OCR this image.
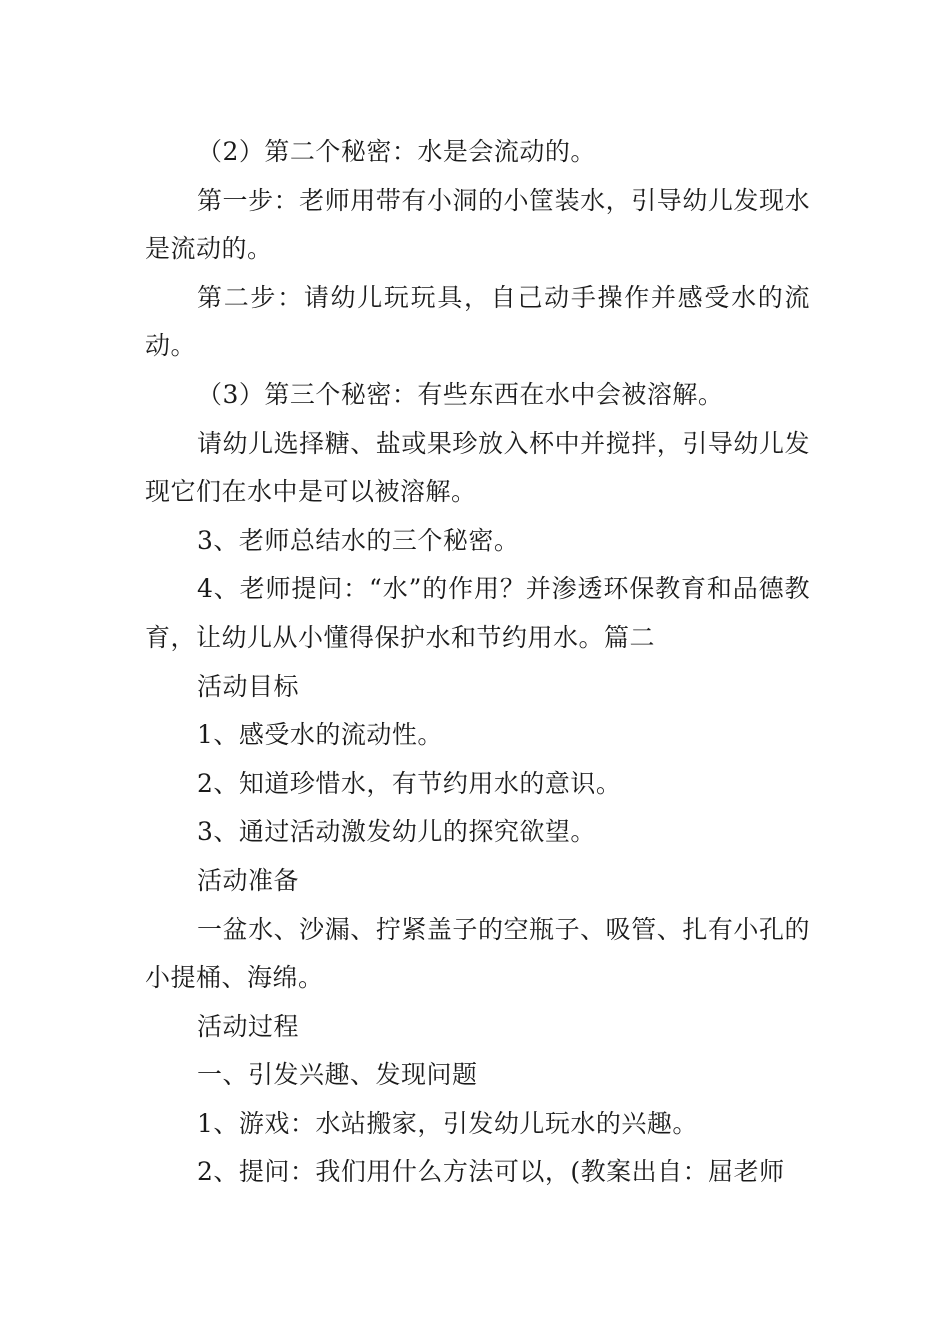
（2）第二个秘密：水是会流动的。

第一步：老师用带有小洞的小筐装水，引导幼儿发现水是流动的。

第二步：请幼儿玩玩具，自己动手操作并感受水的流动。

（3）第三个秘密：有些东西在水中会被溶解。

请幼儿选择糖、盐或果珍放入杯中并搅拌，引导幼儿发现它们在水中是可以被溶解。

3、老师总结水的三个秘密。

4、老师提问：“水”的作用？并渗透环保教育和品德教育，让幼儿从小懂得保护水和节约用水。篇二

活动目标

1、感受水的流动性。

2、知道珍惜水，有节约用水的意识。

3、通过活动激发幼儿的探究欲望。

活动准备

一盆水、沙漏、拧紧盖子的空瓶子、吸管、扎有小孔的小提桶、海绵。

活动过程

一、引发兴趣、发现问题

1、游戏：水站搬家，引发幼儿玩水的兴趣。

2、提问：我们用什么方法可以，(教案出自：屈老师
